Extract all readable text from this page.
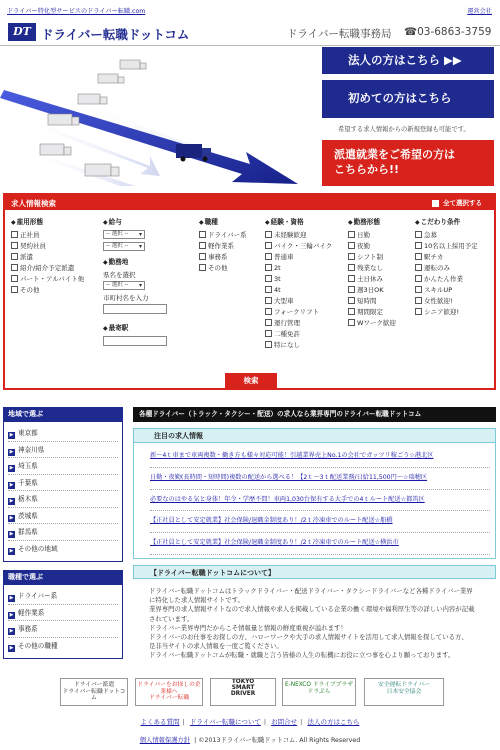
ドライバー特化型サービスのドライバー転職.com	運営会社
DT ドライバー転職ドットコム	ドライバー転職事務局 ☎03-6863-3759
法人の方はこちら ▶▶
初めての方はこちら
希望する求人情報からの新規登録も可能です。
派遣就業をご希望の方は
こちらから!!
求人情報検索	全て選択する
◆ 雇用形態
正社員
契約社員
派遣
紹介/紹介予定派遣
パート・アルバイト他
その他
◆ 給与
-- 選択 -- ▾
-- 選択 -- ▾
◆ 勤務地
県名を選択
-- 選択 -- ▾
市町村名を入力
◆ 最寄駅
◆ 職種
ドライバー系
軽作業系
事務系
その他
◆ 経験・資格
未経験歓迎
バイク・三輪バイク
普通車
2t
3t
4t
大型車
フォークリフト
運行管理
二種免許
特になし
◆ 勤務形態
日勤
夜勤
シフト制
残業なし
土日休み
週3日OK
短時間
期間限定
Wワーク歓迎
◆ こだわり条件
急募
10名以上採用予定
駅チカ
運転のみ
かんたん作業
スキルUP
女性歓迎!
シニア歓迎!
検索
地域で選ぶ
▶ 東京都
▶ 神奈川県
▶ 埼玉県
▶ 千葉県
▶ 栃木県
▶ 茨城県
▶ 群馬県
▶ その他の地域
職種で選ぶ
▶ ドライバー系
▶ 軽作業系
▶ 事務系
▶ その他の職種
各種ドライバー（トラック・タクシー・配送）の求人なら業界専門のドライバー転職ドットコム
注目の求人情報
新〜4ｔ車まで車両複数・働き方も様々対応可能！引越業界売上No.1の会社でガッツリ稼ごう☆港北区
日勤・夜勤(長時間・短時間)複数の配送から選べる！【2ｔ〜3ｔ配送業務/日給11,500円〜☆瑞穂区
必要なのはやる気と身体！年令・学歴不問！車両1,030台保有する大手での4ｔルート配送☆都筑区
【正社員として安定就業】社会保険/退職金制度あり！/2ｔ冷凍車でのルート配送☆船橋
【正社員として安定就業】社会保険/退職金制度あり！/2ｔ冷凍車でのルート配送☆横浜市
【ドライバー転職ドットコムについて】
ドライバー転職ドットコムはトラックドライバー・配送ドライバー・タクシードライバーなど各種ドライバー業界
に特化した求人情報サイトです。
業界専門の求人情報サイトなので求人情報や求人を掲載している企業の働く環境や福利厚生等の詳しい内容が記載
されています。
ドライバー業界専門だからこそ情報量と情報の鮮度重視が溢れます！
ドライバーのお仕事をお探しの方、ハローワークや大手の求人情報サイトを活用して求人情報を探している方、
是非当サイトの求人情報を一度ご覧ください。
ドライバー転職ドットコムが転職・就職と言う皆様の人生の転機にお役に立つ事を心より願っております。
ドライバー派遣
ドライバー転職ドットコム
ドライバーをお探しの企業様へ
ドライバー転職
TOKYO
SMART
DRIVER
E-NEXCO ドライブプラザ
ドラぷら
安全運転ドライバー
日本安全協会
よくある質問 | ドライバー転職について | お問合せ | 法人の方はこちら
個人情報保護方針 | ©2013ドライバー転職ドットコム. All Rights Reserved
